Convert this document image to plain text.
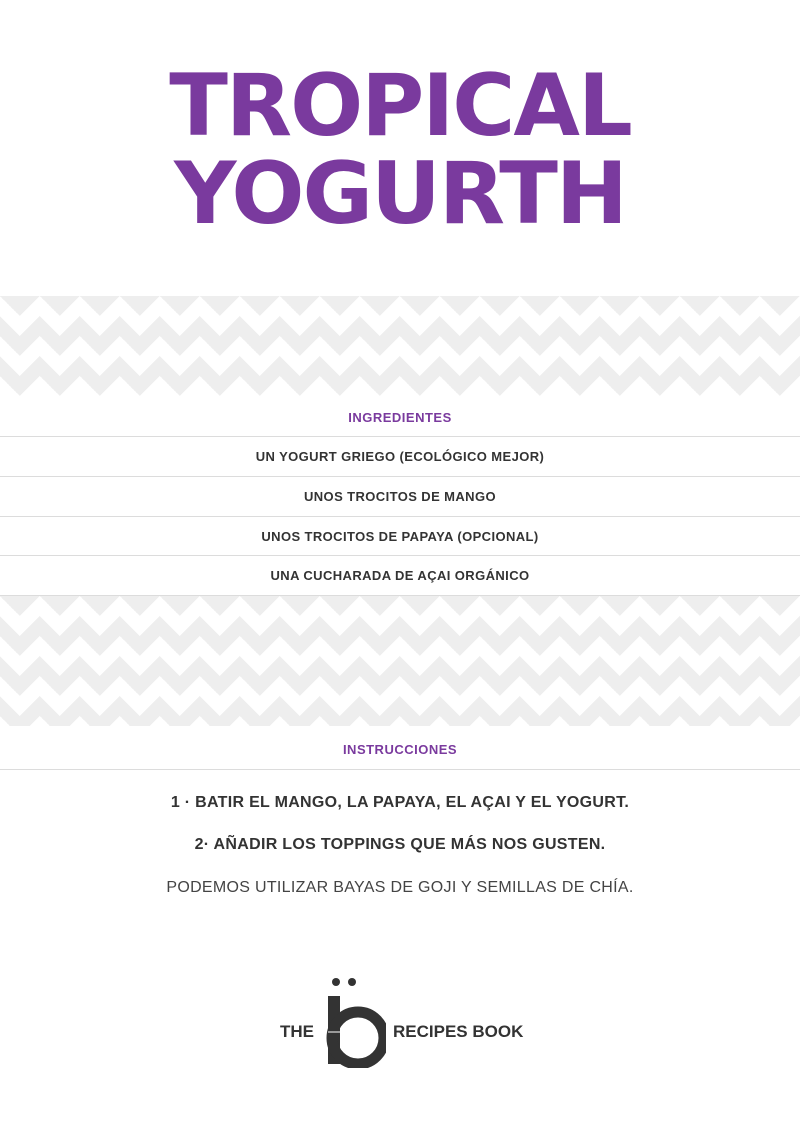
TROPICAL
YOGURTH
INGREDIENTES
UN YOGURT GRIEGO (ECOLÓGICO MEJOR)
UNOS TROCITOS DE MANGO
UNOS TROCITOS DE PAPAYA (OPCIONAL)
UNA CUCHARADA DE AÇAI ORGÁNICO
INSTRUCCIONES
1 · BATIR EL MANGO, LA PAPAYA, EL AÇAI Y EL YOGURT.
2· AÑADIR LOS TOPPINGS QUE MÁS NOS GUSTEN.
PODEMOS UTILIZAR BAYAS DE GOJI Y SEMILLAS DE CHÍA.
THE	RECIPES BOOK
